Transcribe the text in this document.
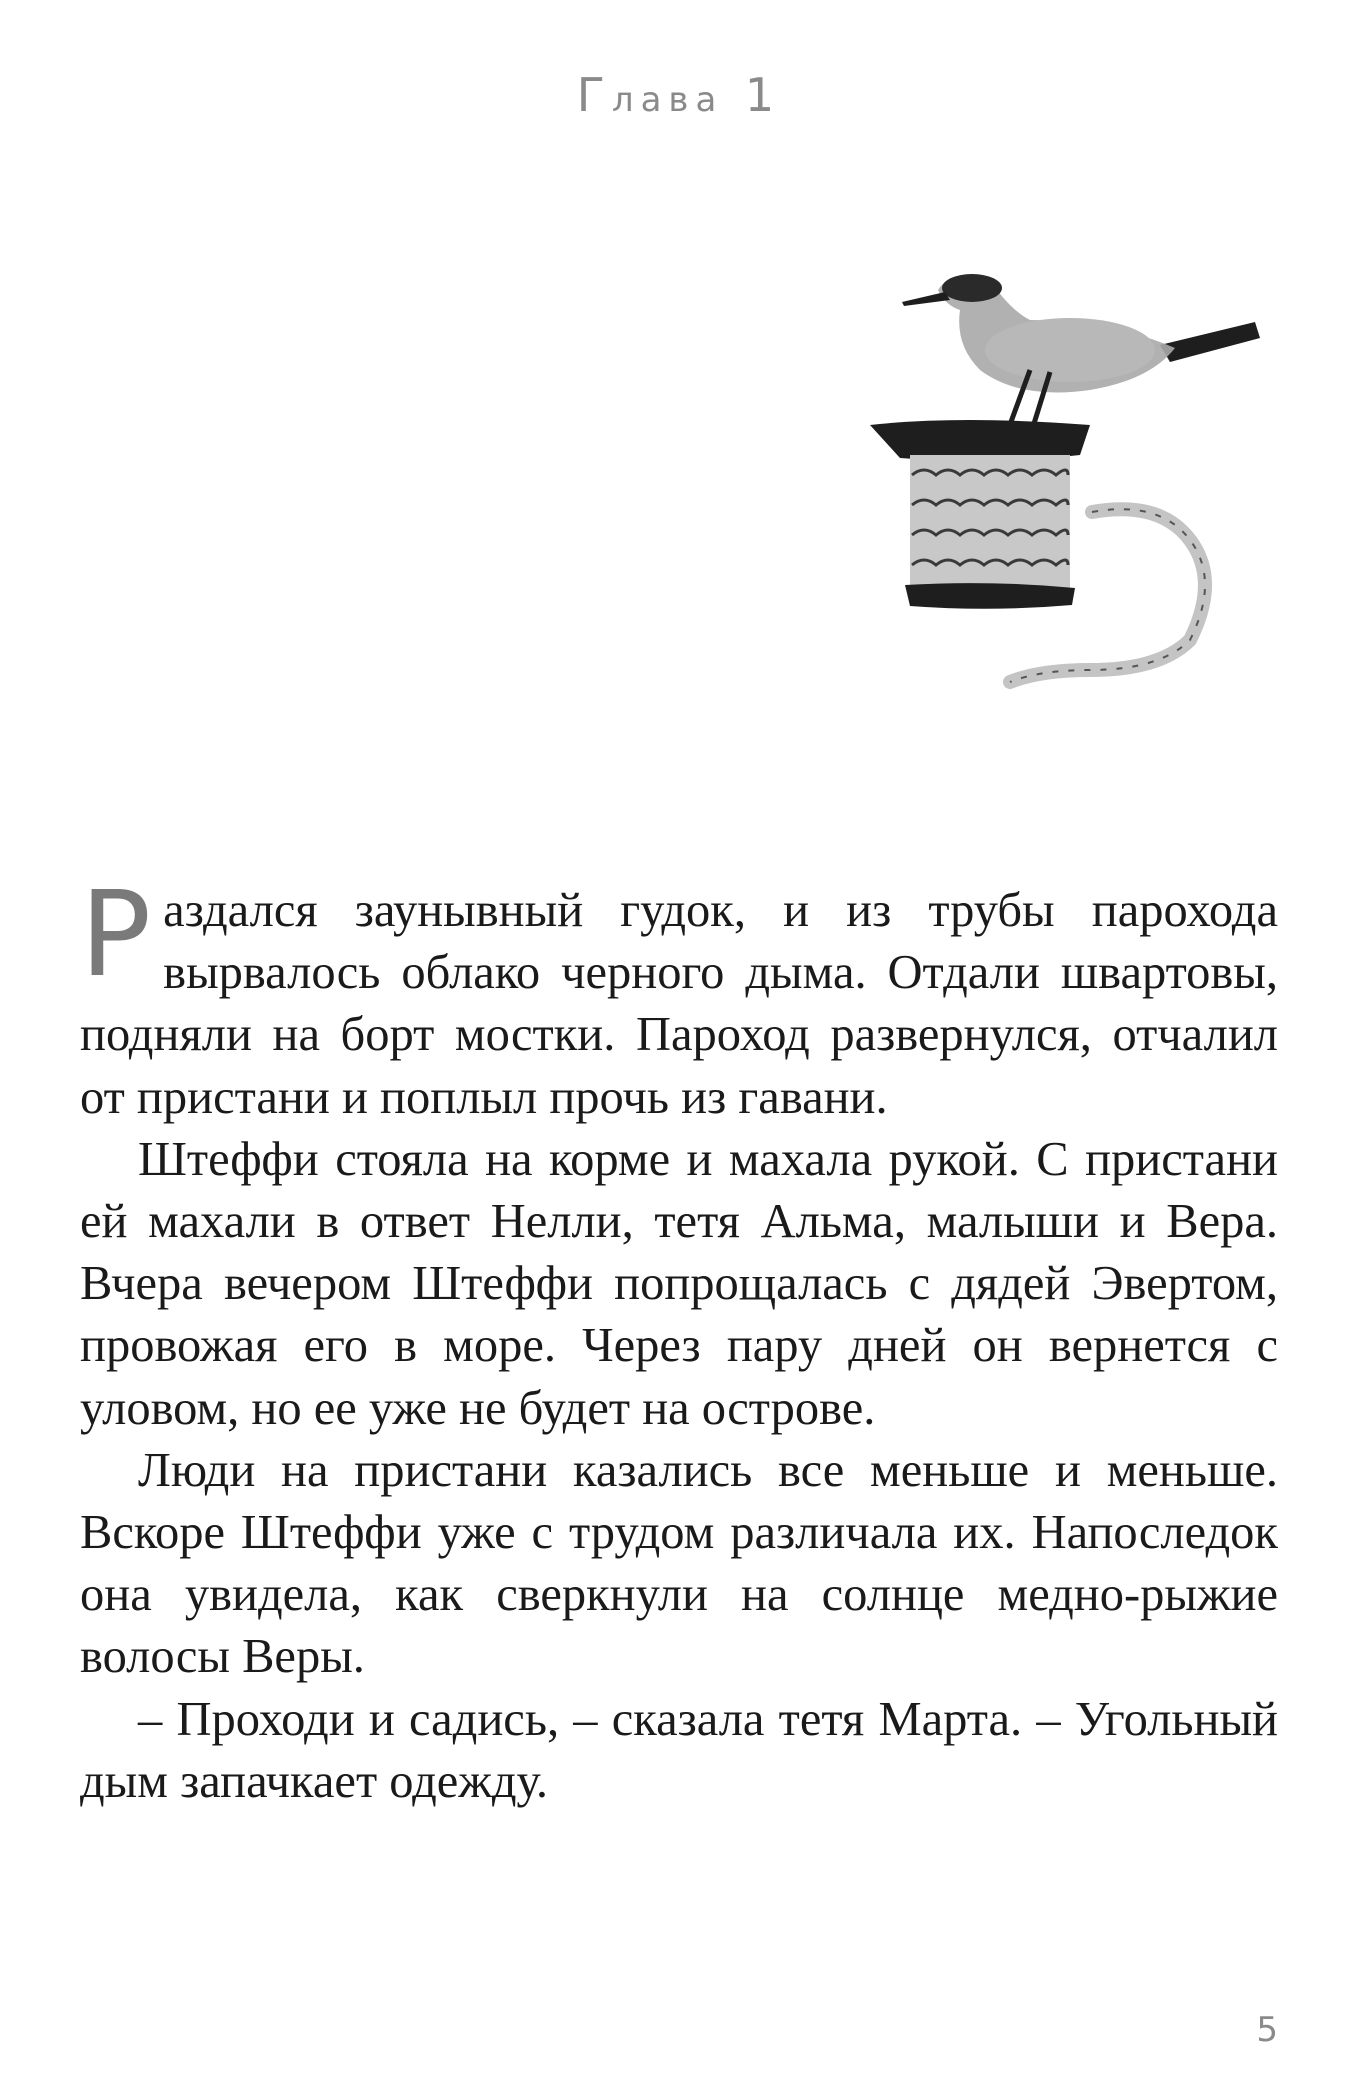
Глава 1

Раздался заунывный гудок, и из трубы парохода вырвалось облако черного дыма. Отдали швартовы, подняли на борт мостки. Пароход развернулся, отчалил от пристани и поплыл прочь из гавани.

Штеффи стояла на корме и махала рукой. С пристани ей махали в ответ Нелли, тетя Альма, малыши и Вера. Вчера вечером Штеффи попрощалась с дядей Эвертом, провожая его в море. Через пару дней он вернется с уловом, но ее уже не будет на острове.

Люди на пристани казались все меньше и меньше. Вскоре Штеффи уже с трудом различала их. Напоследок она увидела, как сверкнули на солнце медно-рыжие волосы Веры.

– Проходи и садись, – сказала тетя Марта. – Угольный дым запачкает одежду.

5
